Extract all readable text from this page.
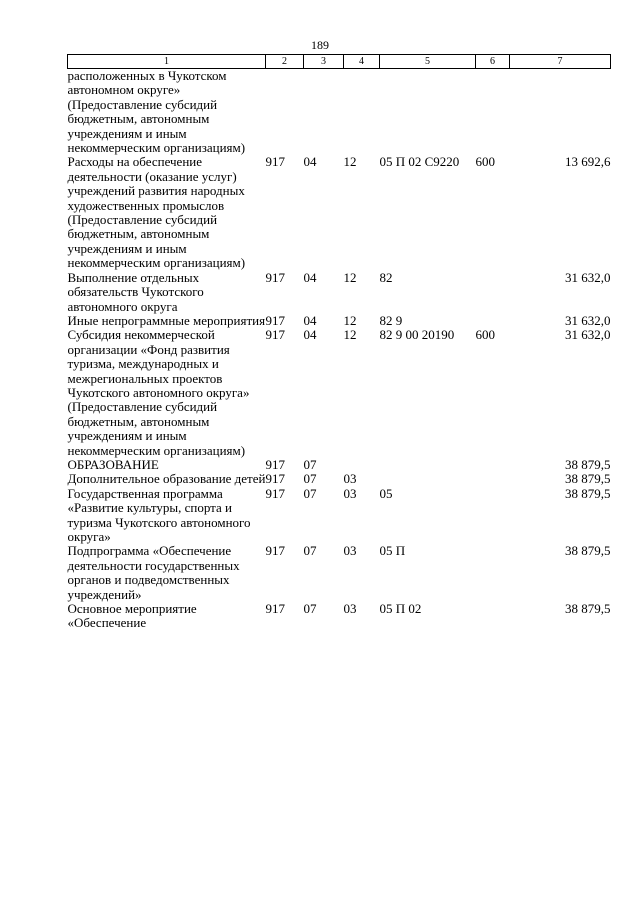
189
1	2	3	4	5	6	7
расположенных в Чукотском автономном округе» (Предоставление субсидий бюджетным, автономным учреждениям и иным некоммерческим организациям)						
Расходы на обеспечение деятельности (оказание услуг) учреждений развития народных художественных промыслов (Предоставление субсидий бюджетным, автономным учреждениям и иным некоммерческим организациям)	917	04	12	05 П 02 С9220	600	13 692,6
Выполнение отдельных обязательств Чукотского автономного округа	917	04	12	82		31 632,0
Иные непрограммные мероприятия	917	04	12	82 9		31 632,0
Субсидия некоммерческой организации «Фонд развития туризма, международных и межрегиональных проектов Чукотского автономного округа» (Предоставление субсидий бюджетным, автономным учреждениям и иным некоммерческим организациям)	917	04	12	82 9 00 20190	600	31 632,0
ОБРАЗОВАНИЕ	917	07				38 879,5
Дополнительное образование детей	917	07	03			38 879,5
Государственная программа «Развитие культуры, спорта и туризма Чукотского автономного округа»	917	07	03	05		38 879,5
Подпрограмма «Обеспечение деятельности государственных органов и подведомственных учреждений»	917	07	03	05 П		38 879,5
Основное мероприятие «Обеспечение	917	07	03	05 П 02		38 879,5
